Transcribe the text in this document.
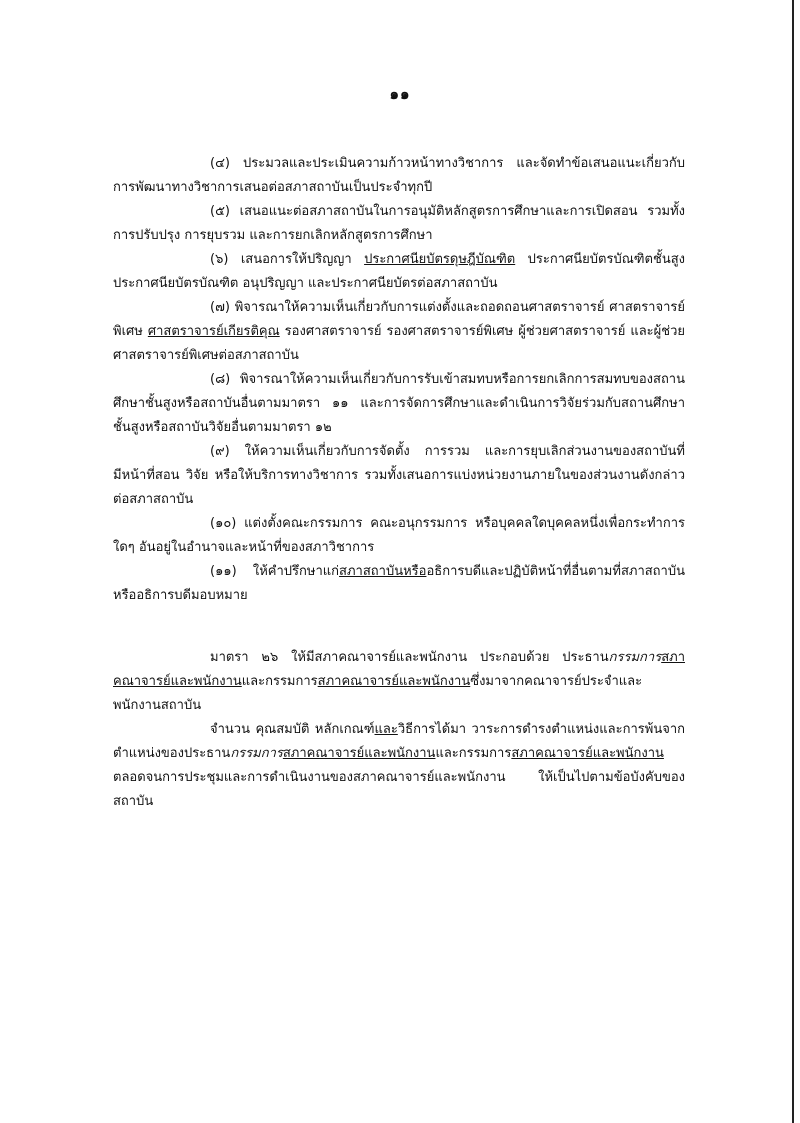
๑๑

(๔) ประมวลและประเมินความก้าวหน้าทางวิชาการ และจัดทำข้อเสนอแนะเกี่ยวกับการพัฒนาทางวิชาการเสนอต่อสภาสถาบันเป็นประจำทุกปี

(๕) เสนอแนะต่อสภาสถาบันในการอนุมัติหลักสูตรการศึกษาและการเปิดสอน รวมทั้งการปรับปรุง การยุบรวม และการยกเลิกหลักสูตรการศึกษา

(๖) เสนอการให้ปริญญา ประกาศนียบัตรดุษฎีบัณฑิต ประกาศนียบัตรบัณฑิตชั้นสูง ประกาศนียบัตรบัณฑิต อนุปริญญา และประกาศนียบัตรต่อสภาสถาบัน

(๗) พิจารณาให้ความเห็นเกี่ยวกับการแต่งตั้งและถอดถอนศาสตราจารย์ ศาสตราจารย์พิเศษ ศาสตราจารย์เกียรติคุณ รองศาสตราจารย์ รองศาสตราจารย์พิเศษ ผู้ช่วยศาสตราจารย์ และผู้ช่วยศาสตราจารย์พิเศษต่อสภาสถาบัน

(๘) พิจารณาให้ความเห็นเกี่ยวกับการรับเข้าสมทบหรือการยกเลิกการสมทบของสถานศึกษาชั้นสูงหรือสถาบันอื่นตามมาตรา ๑๑ และการจัดการศึกษาและดำเนินการวิจัยร่วมกับสถานศึกษาชั้นสูงหรือสถาบันวิจัยอื่นตามมาตรา ๑๒

(๙) ให้ความเห็นเกี่ยวกับการจัดตั้ง การรวม และการยุบเลิกส่วนงานของสถาบันที่มีหน้าที่สอน วิจัย หรือให้บริการทางวิชาการ รวมทั้งเสนอการแบ่งหน่วยงานภายในของส่วนงานดังกล่าวต่อสภาสถาบัน

(๑๐) แต่งตั้งคณะกรรมการ คณะอนุกรรมการ หรือบุคคลใดบุคคลหนึ่งเพื่อกระทำการใดๆ อันอยู่ในอำนาจและหน้าที่ของสภาวิชาการ

(๑๑) ให้คำปรึกษาแก่สภาสถาบันหรืออธิการบดีและปฏิบัติหน้าที่อื่นตามที่สภาสถาบันหรืออธิการบดีมอบหมาย

มาตรา ๒๖ ให้มีสภาคณาจารย์และพนักงาน ประกอบด้วย ประธานกรรมการสภาคณาจารย์และพนักงานและกรรมการสภาคณาจารย์และพนักงานซึ่งมาจากคณาจารย์ประจำและพนักงานสถาบัน

จำนวน คุณสมบัติ หลักเกณฑ์และวิธีการได้มา วาระการดำรงตำแหน่งและการพ้นจากตำแหน่งของประธานกรรมการสภาคณาจารย์และพนักงานและกรรมการสภาคณาจารย์และพนักงาน ตลอดจนการประชุมและการดำเนินงานของสภาคณาจารย์และพนักงาน ให้เป็นไปตามข้อบังคับของสถาบัน
